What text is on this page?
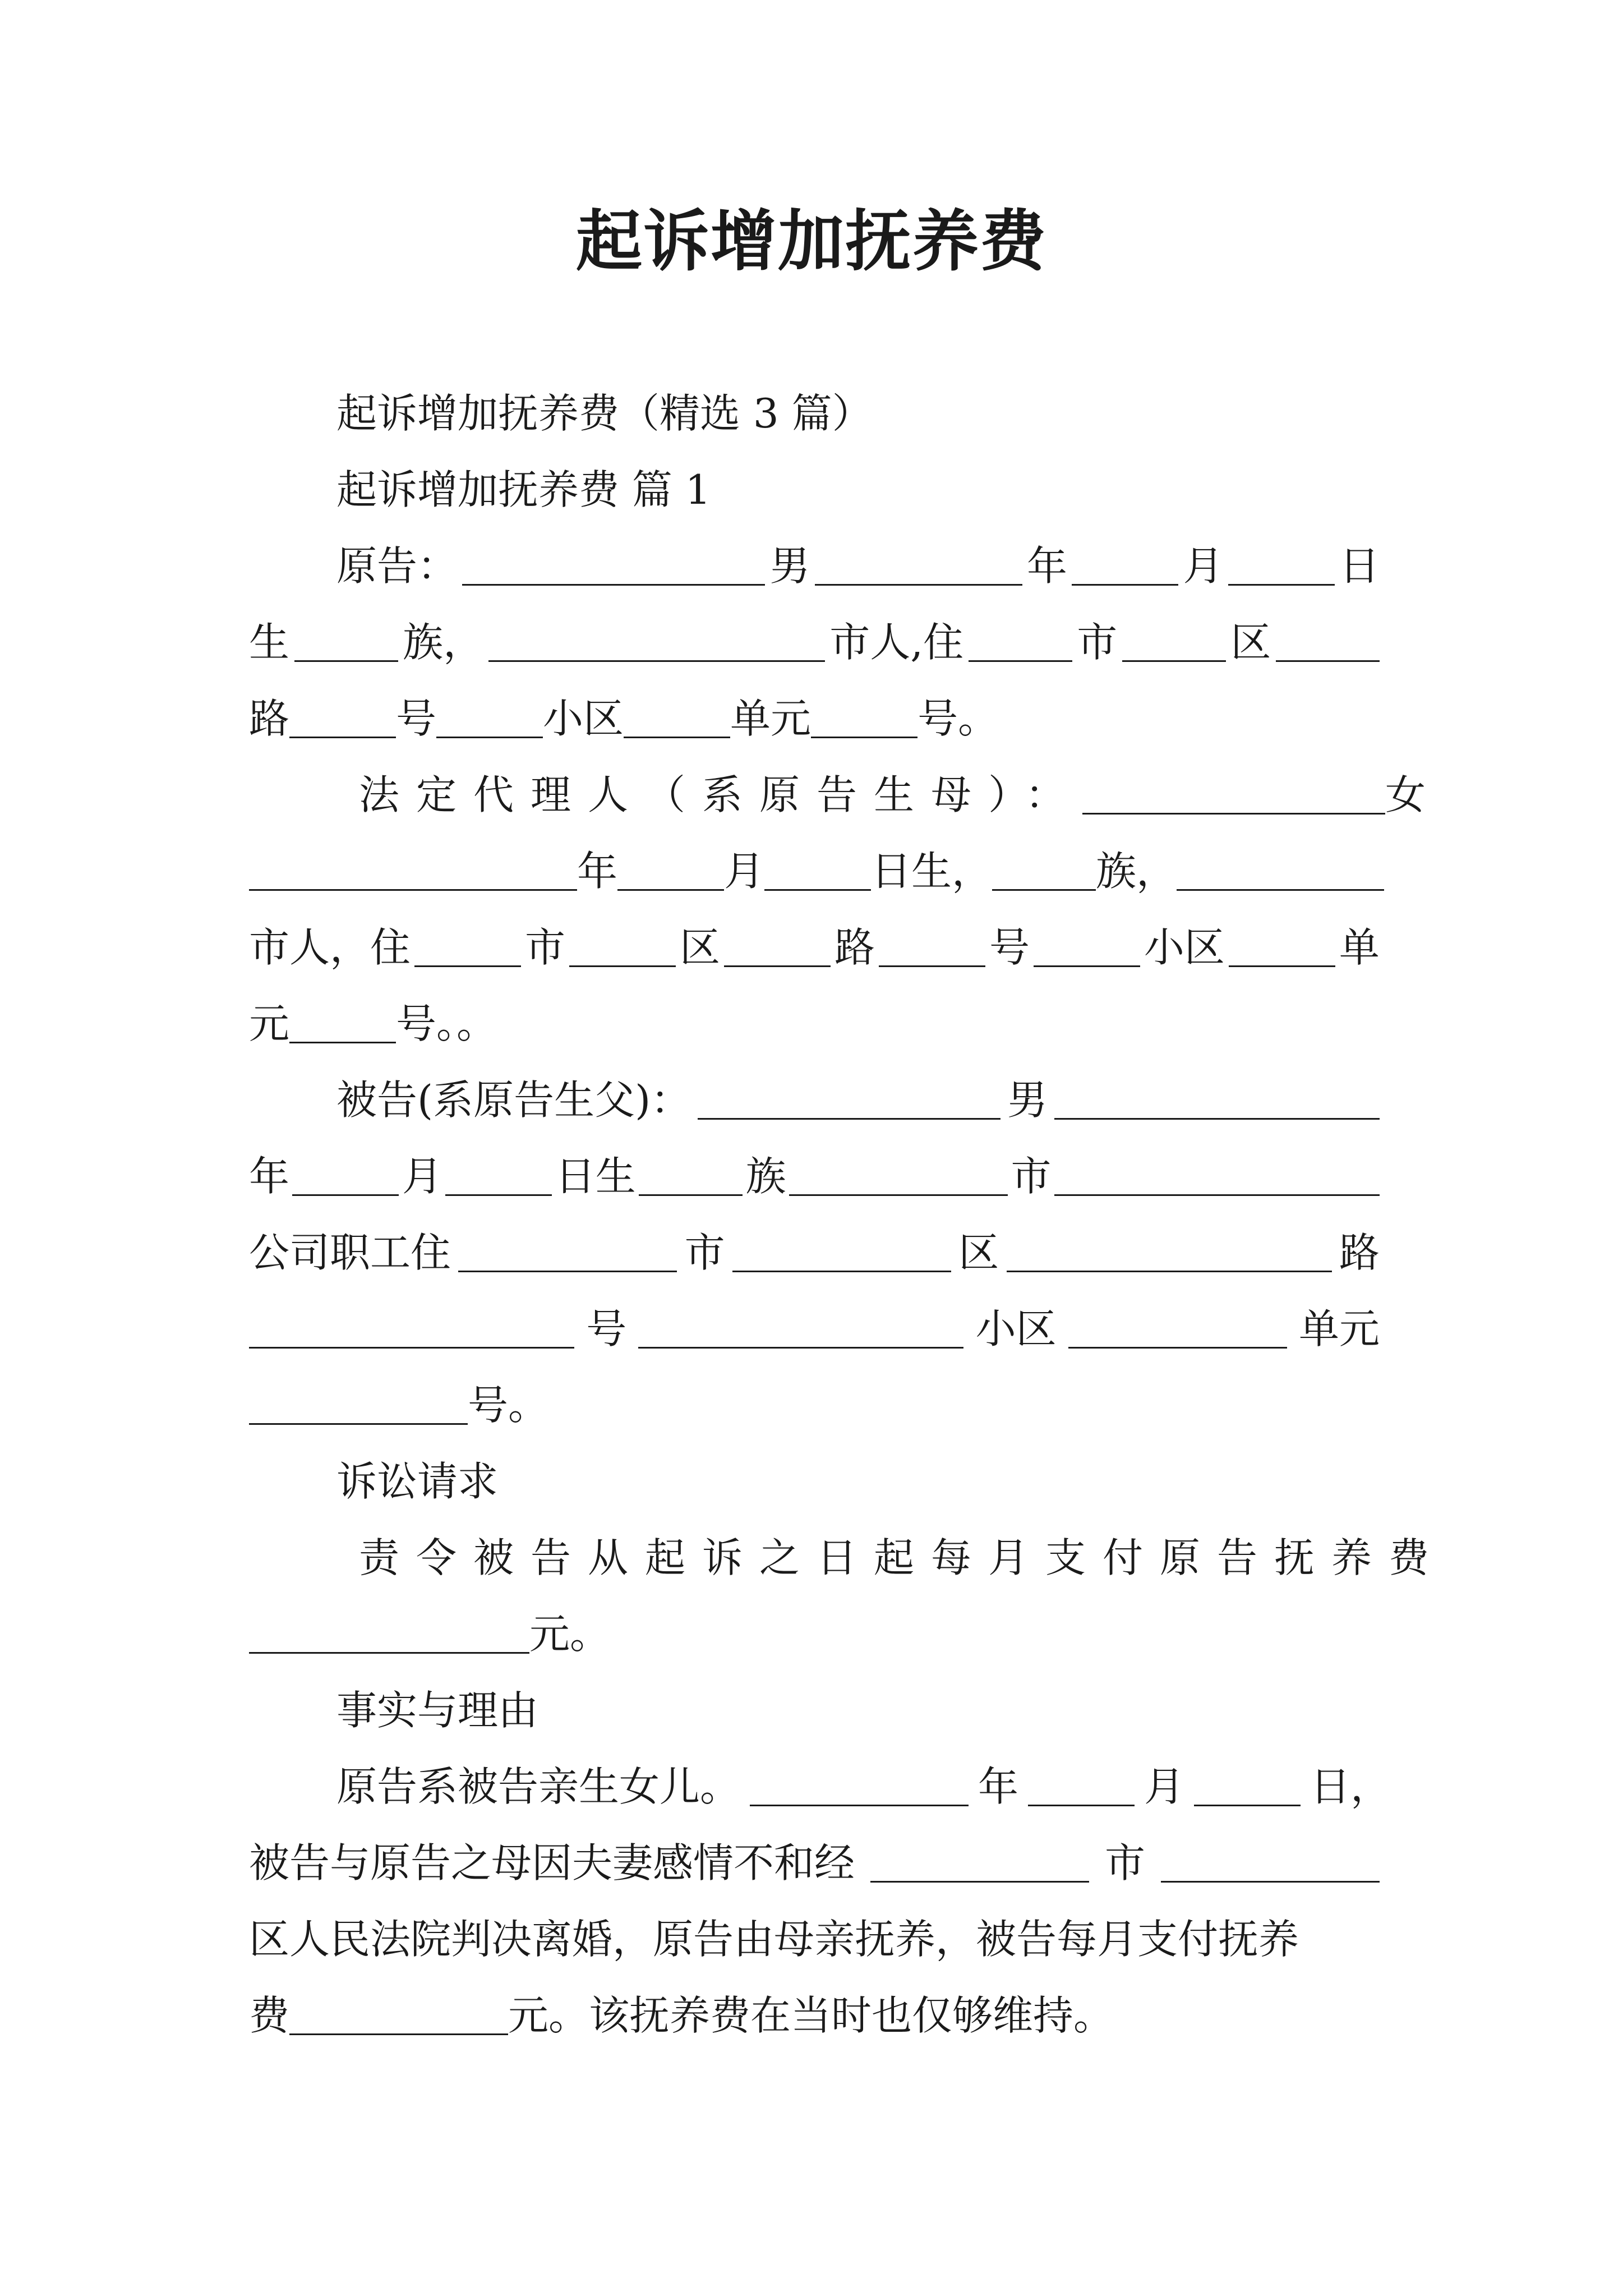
起诉增加抚养费
起诉增加抚养费（精选 3 篇）
起诉增加抚养费 篇 1
原告：	男	年	月	日
生	族，	市人,住	市	区
路	号	小区	单元	号。
法定代理人（系原告生母）：	女
年	月	日生，	族，
市人，住	市	区	路	号	小区	单
元	号。。
被告(系原告生父)：	男
年	月	日生	族	市
公司职工住	市	区	路
号	小区	单元
号。
诉讼请求
责令被告从起诉之日起每月支付原告抚养费
元。
事实与理由
原告系被告亲生女儿。	年	月	日，
被告与原告之母因夫妻感情不和经	市
区人民法院判决离婚，原告由母亲抚养，被告每月支付抚养
费	元。该抚养费在当时也仅够维持。
